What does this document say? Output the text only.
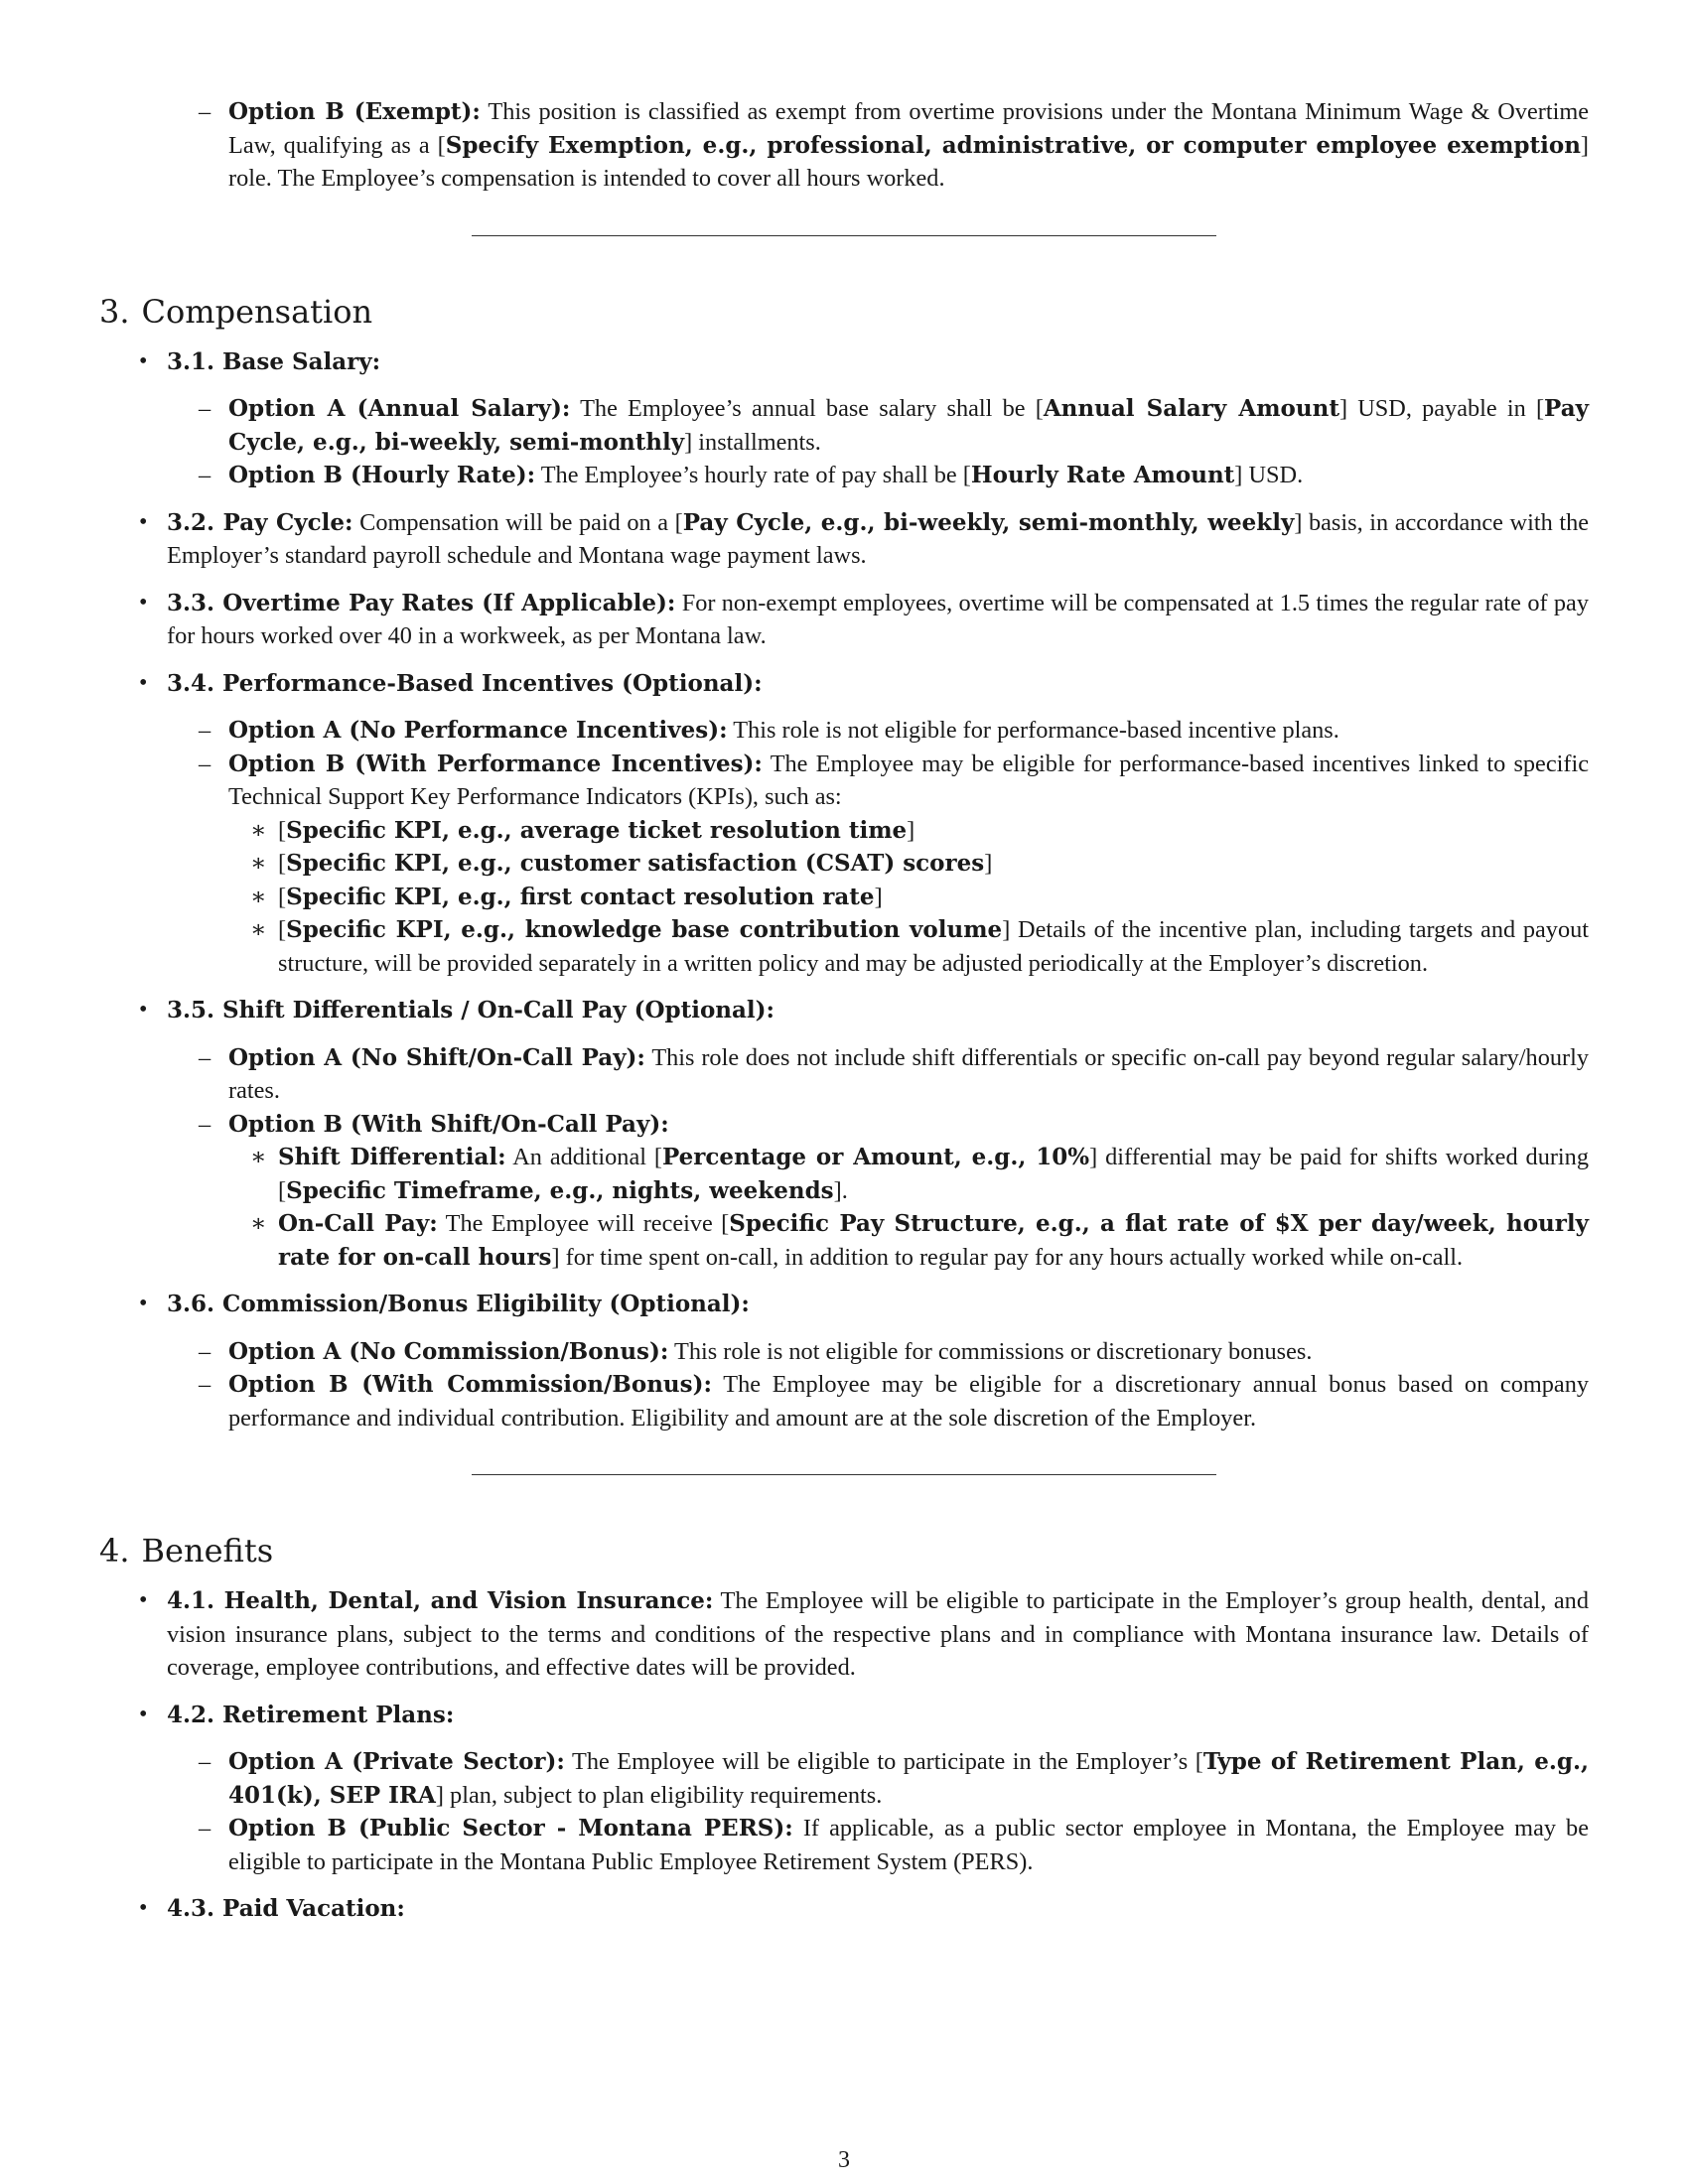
– Option B (Exempt): This position is classified as exempt from overtime provisions under the Montana Minimum Wage & Overtime Law, qualifying as a [Specify Exemption, e.g., professional, administrative, or computer employee exemption] role. The Employee’s compensation is intended to cover all hours worked.
3. Compensation
• 3.1. Base Salary:
– Option A (Annual Salary): The Employee’s annual base salary shall be [Annual Salary Amount] USD, payable in [Pay Cycle, e.g., bi-weekly, semi-monthly] installments.
– Option B (Hourly Rate): The Employee’s hourly rate of pay shall be [Hourly Rate Amount] USD.
• 3.2. Pay Cycle: Compensation will be paid on a [Pay Cycle, e.g., bi-weekly, semi-monthly, weekly] basis, in accordance with the Employer’s standard payroll schedule and Montana wage payment laws.
• 3.3. Overtime Pay Rates (If Applicable): For non-exempt employees, overtime will be compensated at 1.5 times the regular rate of pay for hours worked over 40 in a workweek, as per Montana law.
• 3.4. Performance-Based Incentives (Optional):
– Option A (No Performance Incentives): This role is not eligible for performance-based incentive plans.
– Option B (With Performance Incentives): The Employee may be eligible for performance-based incentives linked to specific Technical Support Key Performance Indicators (KPIs), such as:
∗ [Specific KPI, e.g., average ticket resolution time]
∗ [Specific KPI, e.g., customer satisfaction (CSAT) scores]
∗ [Specific KPI, e.g., first contact resolution rate]
∗ [Specific KPI, e.g., knowledge base contribution volume] Details of the incentive plan, including targets and payout structure, will be provided separately in a written policy and may be adjusted periodically at the Employer’s discretion.
• 3.5. Shift Differentials / On-Call Pay (Optional):
– Option A (No Shift/On-Call Pay): This role does not include shift differentials or specific on-call pay beyond regular salary/hourly rates.
– Option B (With Shift/On-Call Pay):
∗ Shift Differential: An additional [Percentage or Amount, e.g., 10%] differential may be paid for shifts worked during [Specific Timeframe, e.g., nights, weekends].
∗ On-Call Pay: The Employee will receive [Specific Pay Structure, e.g., a flat rate of $X per day/week, hourly rate for on-call hours] for time spent on-call, in addition to regular pay for any hours actually worked while on-call.
• 3.6. Commission/Bonus Eligibility (Optional):
– Option A (No Commission/Bonus): This role is not eligible for commissions or discretionary bonuses.
– Option B (With Commission/Bonus): The Employee may be eligible for a discretionary annual bonus based on company performance and individual contribution. Eligibility and amount are at the sole discretion of the Employer.
4. Benefits
• 4.1. Health, Dental, and Vision Insurance: The Employee will be eligible to participate in the Employer’s group health, dental, and vision insurance plans, subject to the terms and conditions of the respective plans and in compliance with Montana insurance law. Details of coverage, employee contributions, and effective dates will be provided.
• 4.2. Retirement Plans:
– Option A (Private Sector): The Employee will be eligible to participate in the Employer’s [Type of Retirement Plan, e.g., 401(k), SEP IRA] plan, subject to plan eligibility requirements.
– Option B (Public Sector - Montana PERS): If applicable, as a public sector employee in Montana, the Employee may be eligible to participate in the Montana Public Employee Retirement System (PERS).
• 4.3. Paid Vacation:
3
